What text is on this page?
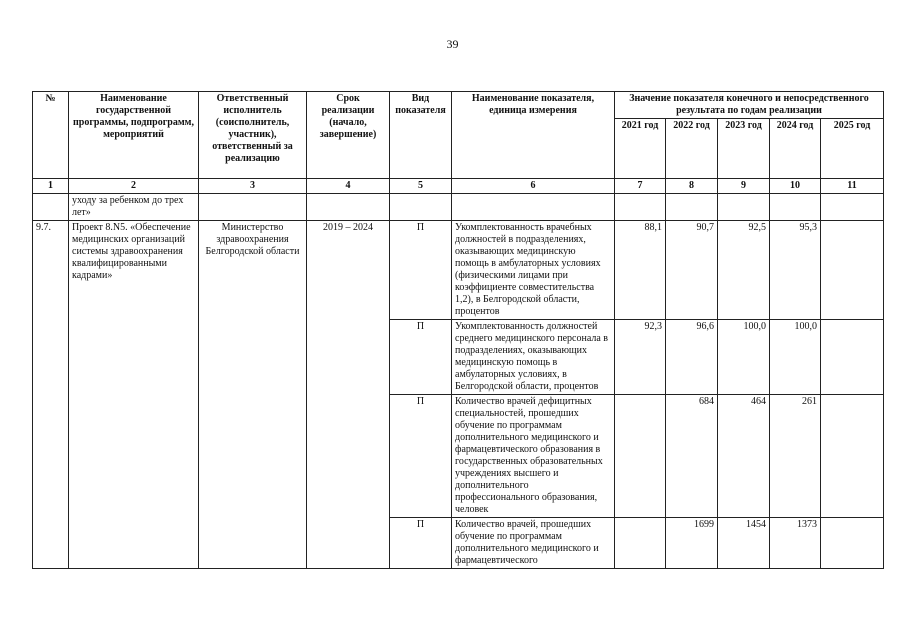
39
№	Наименование государственной программы, подпрограмм, мероприятий	Ответственный исполнитель (соисполнитель, участник), ответственный за реализацию	Срок реализации (начало, завершение)	Вид показателя	Наименование показателя, единица измерения	Значение показателя конечного и непосредственного результата по годам реализации				
						2021 год	2022 год	2023 год	2024 год	2025 год
1	2	3	4	5	6	7	8	9	10	11
	уходу за ребенком до трех лет»									
9.7.	Проект 8.N5. «Обеспечение медицинских организаций системы здравоохранения квалифицированными кадрами»	Министерство здравоохранения Белгородской области	2019 – 2024	П	Укомплектованность врачебных должностей в подразделениях, оказывающих медицинскую помощь в амбулаторных условиях (физическими лицами при коэффициенте совместительства 1,2), в Белгородской области, процентов	88,1	90,7	92,5	95,3	
				П	Укомплектованность должностей среднего медицинского персонала в подразделениях, оказывающих медицинскую помощь в амбулаторных условиях, в Белгородской области, процентов	92,3	96,6	100,0	100,0	
				П	Количество врачей дефицитных специальностей, прошедших обучение по программам дополнительного медицинского и фармацевтического образования в государственных образовательных учреждениях высшего и дополнительного профессионального образования, человек		684	464	261	
				П	Количество врачей, прошедших обучение по программам дополнительного медицинского и фармацевтического		1699	1454	1373	
